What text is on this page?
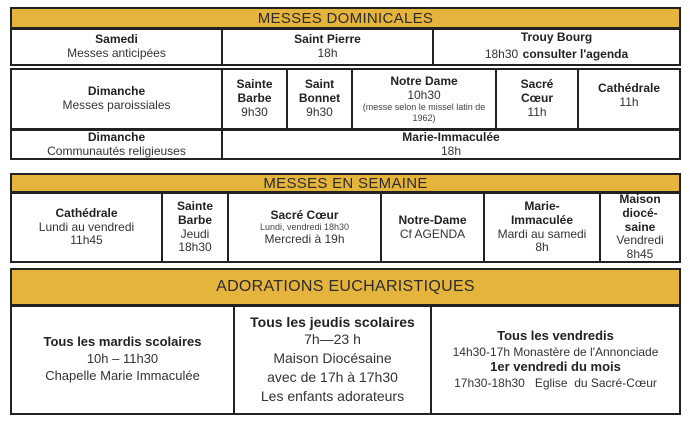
MESSES DOMINICALES
Samedi
Messes anticipées
Saint Pierre
18h
Trouy Bourg
18h30 consulter l'agenda
Dimanche
Messes paroissiales
Sainte
Barbe
9h30
Saint
Bonnet
9h30
Notre Dame
10h30
(messe selon le missel latin de 1962)
Sacré
Cœur
11h
Cathédrale
11h
Dimanche
Communautés religieuses
Marie-Immaculée
18h
MESSES EN SEMAINE
Cathédrale
Lundi au vendredi
11h45
Sainte
Barbe
Jeudi
18h30
Sacré Cœur
Lundi, vendredi 18h30
Mercredi à 19h
Notre-Dame
Cf AGENDA
Marie-
Immaculée
Mardi au samedi
8h
Maison
diocé-
saine
Vendredi
8h45
ADORATIONS EUCHARISTIQUES
Tous les mardis scolaires
10h – 11h30
Chapelle Marie Immaculée
Tous les jeudis scolaires
7h—23 h
Maison Diocésaine
avec de 17h à 17h30
Les enfants adorateurs
Tous les vendredis
14h30-17h Monastère de l'Annonciade
1er vendredi du mois
17h30-18h30   Eglise  du Sacré-Cœur
